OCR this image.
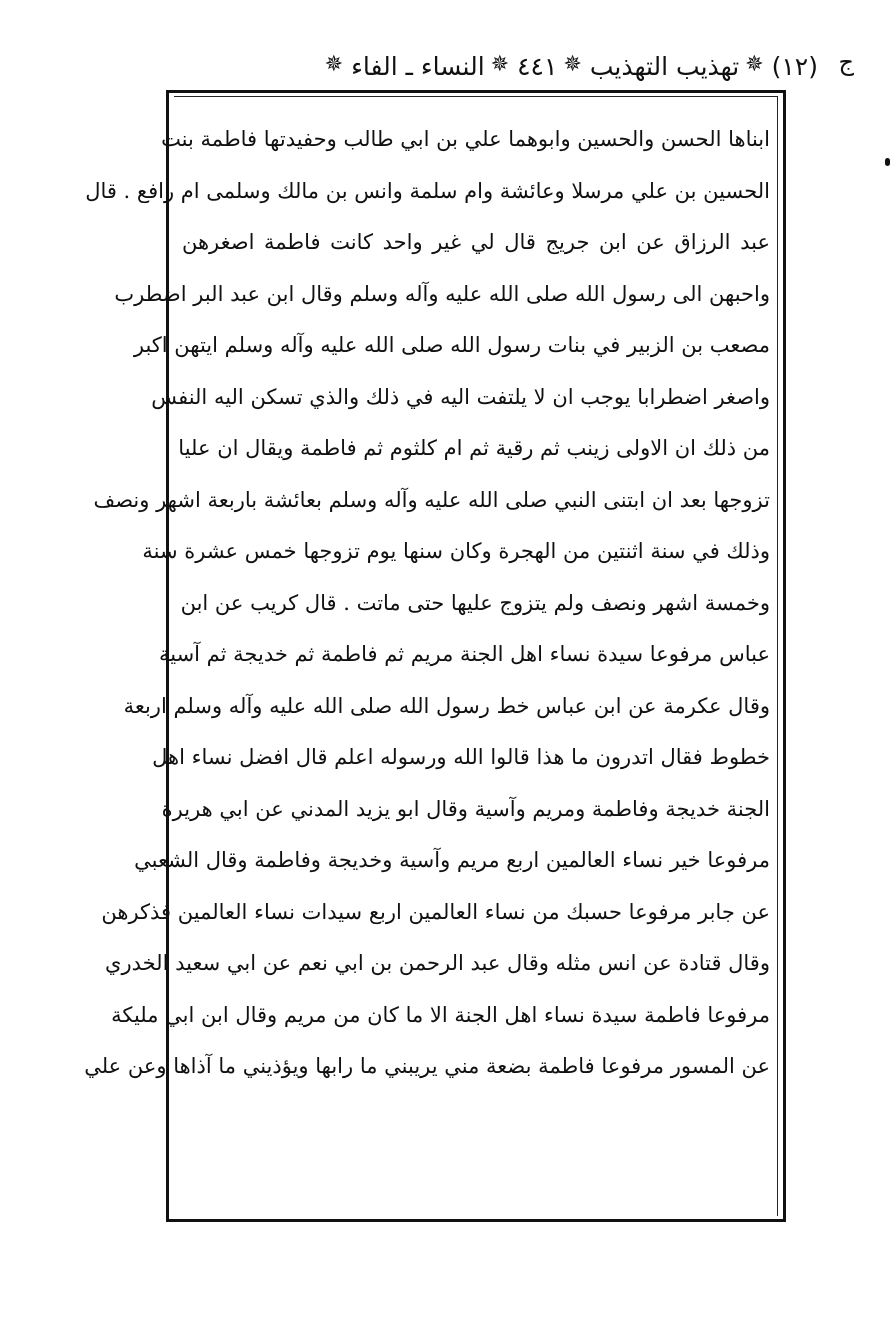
(١٢)
✵
تهذيب التهذيب
✵
٤٤١
✵
النساء ـ الفاء
✵	ج
ابناها الحسن والحسين وابوهما علي بن ابي طالب وحفيدتها فاطمة بنت
الحسين بن علي مرسلا وعائشة وام سلمة وانس بن مالك وسلمى ام رافع . قال
عبد الرزاق عن ابن جريج قال لي غير واحد كانت فاطمة اصغرهن
واحبهن الى رسول الله صلى الله عليه وآله وسلم وقال ابن عبد البر اضطرب
مصعب بن الزبير في بنات رسول الله صلى الله عليه وآله وسلم ايتهن اكبر
واصغر اضطرابا يوجب ان لا يلتفت اليه في ذلك والذي تسكن اليه النفس
من ذلك ان الاولى زينب ثم رقية ثم ام كلثوم ثم فاطمة ويقال ان عليا
تزوجها بعد ان ابتنى النبي صلى الله عليه وآله وسلم بعائشة باربعة اشهر ونصف
وذلك في سنة اثنتين من الهجرة وكان سنها يوم تزوجها خمس عشرة سنة
وخمسة اشهر ونصف ولم يتزوج عليها حتى ماتت . قال كريب عن ابن
عباس مرفوعا سيدة نساء اهل الجنة مريم ثم فاطمة ثم خديجة ثم آسية
وقال عكرمة عن ابن عباس خط رسول الله صلى الله عليه وآله وسلم اربعة
خطوط فقال اتدرون ما هذا قالوا الله ورسوله اعلم قال افضل نساء اهل
الجنة خديجة وفاطمة ومريم وآسية وقال ابو يزيد المدني عن ابي هريرة
مرفوعا خير نساء العالمين اربع مريم وآسية وخديجة وفاطمة وقال الشعبي
عن جابر مرفوعا حسبك من نساء العالمين اربع سيدات نساء العالمين فذكرهن
وقال قتادة عن انس مثله وقال عبد الرحمن بن ابي نعم عن ابي سعيد الخدري
مرفوعا فاطمة سيدة نساء اهل الجنة الا ما كان من مريم وقال ابن ابي مليكة
عن المسور مرفوعا فاطمة بضعة مني يريبني ما رابها ويؤذيني ما آذاها وعن علي
